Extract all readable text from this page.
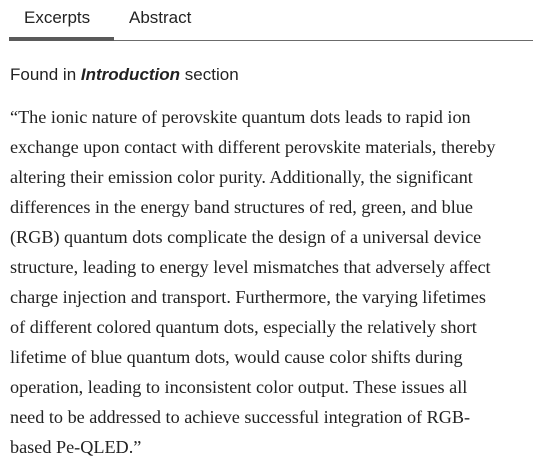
Excerpts	Abstract
Found in Introduction section

“The ionic nature of perovskite quantum dots leads to rapid ion
exchange upon contact with different perovskite materials, thereby
altering their emission color purity. Additionally, the significant
differences in the energy band structures of red, green, and blue
(RGB) quantum dots complicate the design of a universal device
structure, leading to energy level mismatches that adversely affect
charge injection and transport. Furthermore, the varying lifetimes
of different colored quantum dots, especially the relatively short
lifetime of blue quantum dots, would cause color shifts during
operation, leading to inconsistent color output. These issues all
need to be addressed to achieve successful integration of RGB-
based Pe-QLED.”
